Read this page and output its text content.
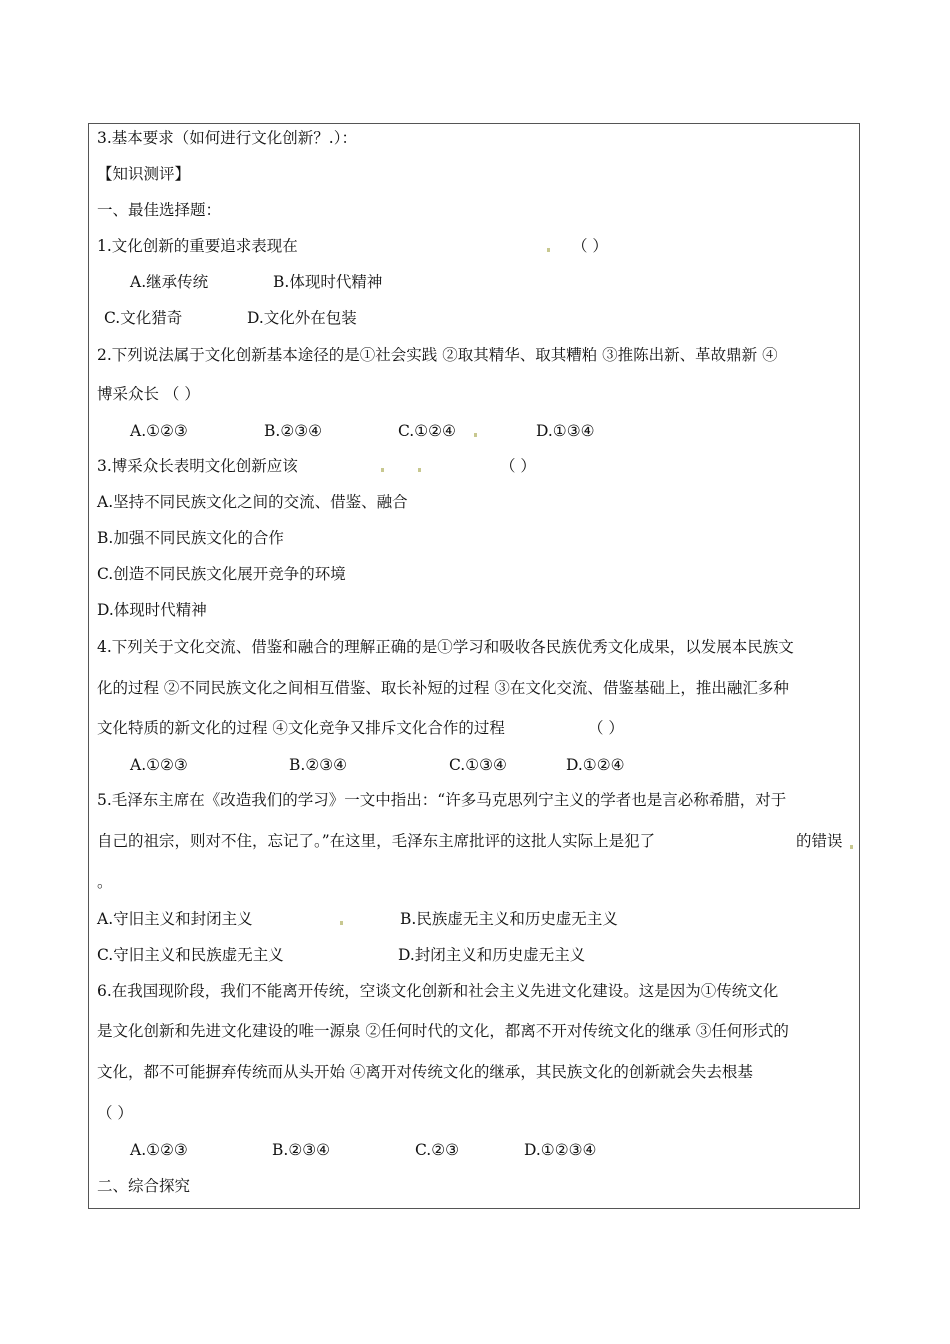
3.基本要求（如何进行文化创新？.）：
【知识测评】
一、最佳选择题：
1.文化创新的重要追求表现在	（ ）
A.继承传统	B.体现时代精神
C.文化猎奇	D.文化外在包装
2.下列说法属于文化创新基本途径的是①社会实践 ②取其精华、取其糟粕 ③推陈出新、革故鼎新 ④
博采众长 （ ）
A.①②③	B.②③④	C.①②④	D.①③④
3.博采众长表明文化创新应该	（ ）
A.坚持不同民族文化之间的交流、借鉴、融合
B.加强不同民族文化的合作
C.创造不同民族文化展开竞争的环境
D.体现时代精神
4.下列关于文化交流、借鉴和融合的理解正确的是①学习和吸收各民族优秀文化成果，以发展本民族文
化的过程 ②不同民族文化之间相互借鉴、取长补短的过程 ③在文化交流、借鉴基础上，推出融汇多种
文化特质的新文化的过程 ④文化竞争又排斥文化合作的过程	（ ）
A.①②③	B.②③④	C.①③④	D.①②④
5.毛泽东主席在《改造我们的学习》一文中指出：“许多马克思列宁主义的学者也是言必称希腊，对于
自己的祖宗，则对不住，忘记了。”在这里，毛泽东主席批评的这批人实际上是犯了	的错误
。
A.守旧主义和封闭主义	B.民族虚无主义和历史虚无主义
C.守旧主义和民族虚无主义	D.封闭主义和历史虚无主义
6.在我国现阶段，我们不能离开传统，空谈文化创新和社会主义先进文化建设。这是因为①传统文化
是文化创新和先进文化建设的唯一源泉 ②任何时代的文化，都离不开对传统文化的继承 ③任何形式的
文化，都不可能摒弃传统而从头开始 ④离开对传统文化的继承，其民族文化的创新就会失去根基
（ ）
A.①②③	B.②③④	C.②③	D.①②③④
二、综合探究
